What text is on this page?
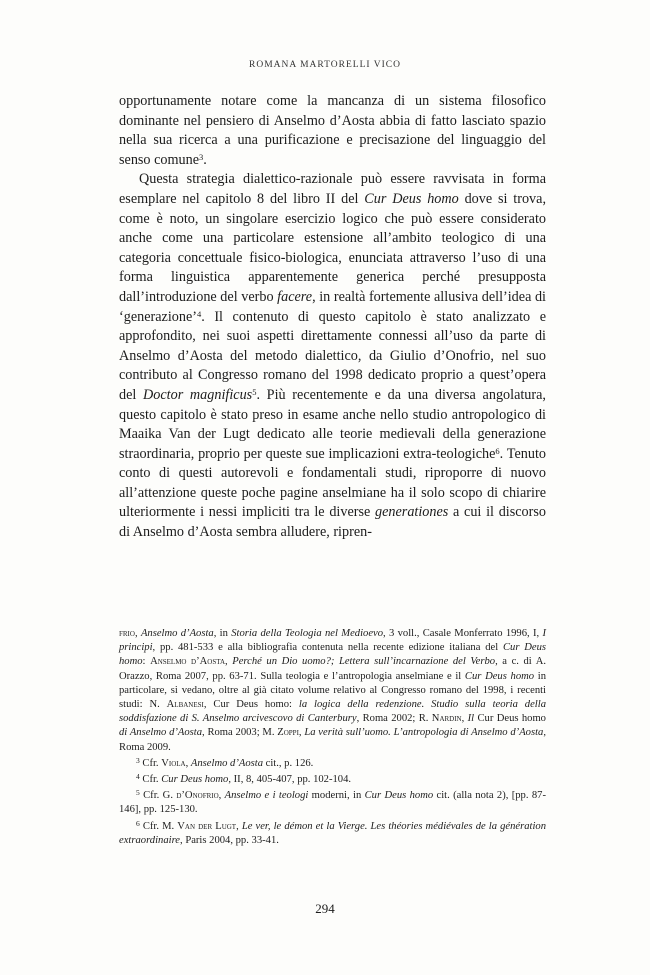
ROMANA MARTORELLI VICO

opportunamente notare come la mancanza di un sistema filosofico dominante nel pensiero di Anselmo d’Aosta abbia di fatto lasciato spazio nella sua ricerca a una purificazione e precisazione del linguaggio del senso comune$^3$.

Questa strategia dialettico-razionale può essere ravvisata in forma esemplare nel capitolo 8 del libro II del Cur Deus homo dove si trova, come è noto, un singolare esercizio logico che può essere considerato anche come una particolare estensione all’ambito teologico di una categoria concettuale fisico-biologica, enunciata attraverso l’uso di una forma linguistica apparentemente generica perché presupposta dall’introduzione del verbo facere, in realtà fortemente allusiva dell’idea di ‘generazione’$^4$. Il contenuto di questo capitolo è stato analizzato e approfondito, nei suoi aspetti direttamente connessi all’uso da parte di Anselmo d’Aosta del metodo dialettico, da Giulio d’Onofrio, nel suo contributo al Congresso romano del 1998 dedicato proprio a quest’opera del Doctor magnificus$^5$. Più recentemente e da una diversa angolatura, questo capitolo è stato preso in esame anche nello studio antropologico di Maaika Van der Lugt dedicato alle teorie medievali della generazione straordinaria, proprio per queste sue implicazioni extra-teologiche$^6$. Tenuto conto di questi autorevoli e fondamentali studi, riproporre di nuovo all’attenzione queste poche pagine anselmiane ha il solo scopo di chiarire ulteriormente i nessi impliciti tra le diverse generationes a cui il discorso di Anselmo d’Aosta sembra alludere, ripren-

frio, Anselmo d’Aosta, in Storia della Teologia nel Medioevo, 3 voll., Casale Monferrato 1996, I, I principi, pp. 481-533 e alla bibliografia contenuta nella recente edizione italiana del Cur Deus homo: Anselmo d’Aosta, Perché un Dio uomo?; Lettera sull’incarnazione del Verbo, a c. di A. Orazzo, Roma 2007, pp. 63-71. Sulla teologia e l’antropologia anselmiane e il Cur Deus homo in particolare, si vedano, oltre al già citato volume relativo al Congresso romano del 1998, i recenti studi: N. Albanesi, Cur Deus homo: la logica della redenzione. Studio sulla teoria della soddisfazione di S. Anselmo arcivescovo di Canterbury, Roma 2002; R. Nardin, Il Cur Deus homo di Anselmo d’Aosta, Roma 2003; M. Zoppi, La verità sull’uomo. L’antropologia di Anselmo d’Aosta, Roma 2009.

$^3$ Cfr. Viola, Anselmo d’Aosta cit., p. 126.

$^4$ Cfr. Cur Deus homo, II, 8, 405-407, pp. 102-104.

$^5$ Cfr. G. d’Onofrio, Anselmo e i teologi moderni, in Cur Deus homo cit. (alla nota 2), [pp. 87-146], pp. 125-130.

$^6$ Cfr. M. Van der Lugt, Le ver, le démon et la Vierge. Les théories médiévales de la génération extraordinaire, Paris 2004, pp. 33-41.

294
